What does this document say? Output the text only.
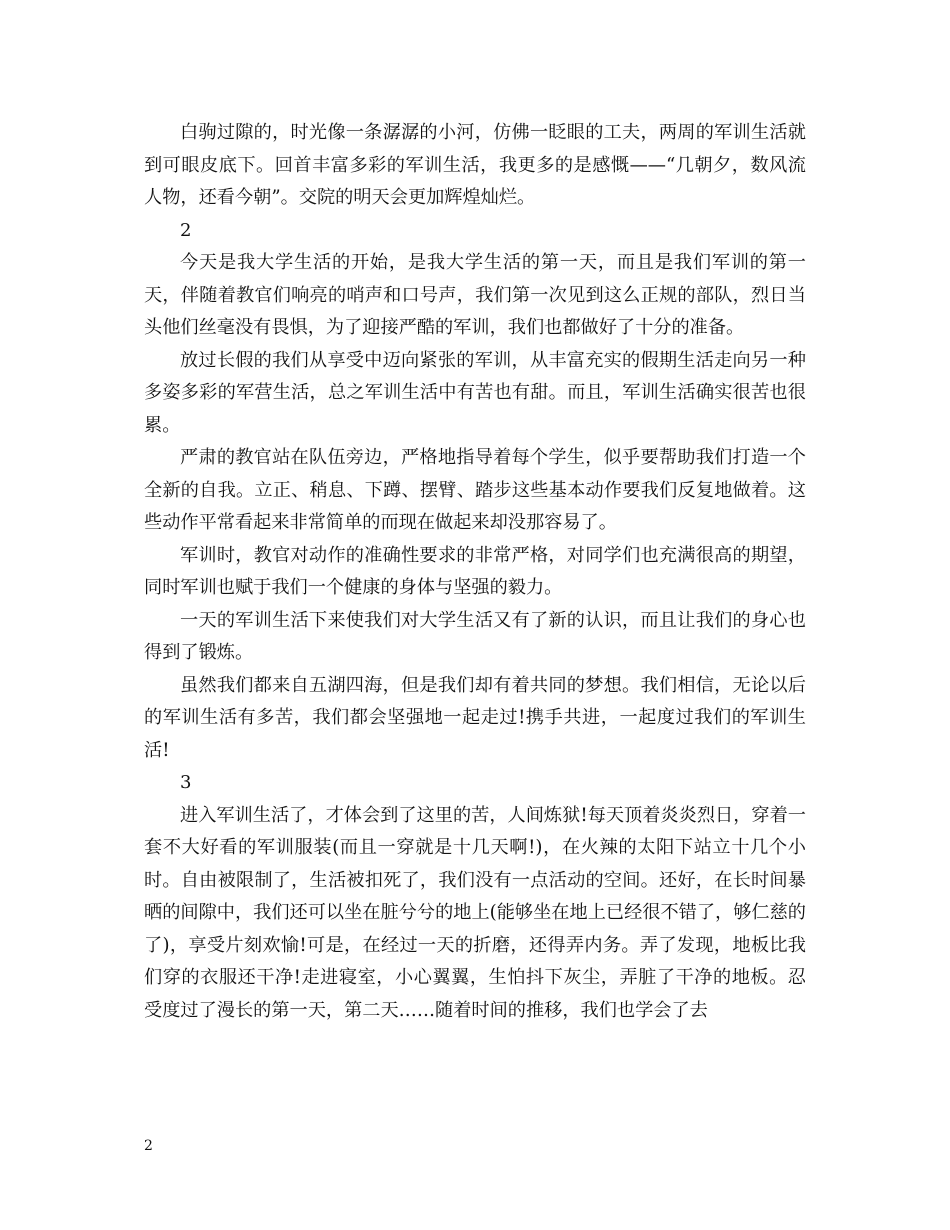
白驹过隙的，时光像一条潺潺的小河，仿佛一眨眼的工夫，两周的军训生活就到可眼皮底下。回首丰富多彩的军训生活，我更多的是感慨——“几朝夕，数风流人物，还看今朝”。交院的明天会更加辉煌灿烂。

2

今天是我大学生活的开始，是我大学生活的第一天，而且是我们军训的第一天，伴随着教官们响亮的哨声和口号声，我们第一次见到这么正规的部队，烈日当头他们丝毫没有畏惧，为了迎接严酷的军训，我们也都做好了十分的准备。

放过长假的我们从享受中迈向紧张的军训，从丰富充实的假期生活走向另一种多姿多彩的军营生活，总之军训生活中有苦也有甜。而且，军训生活确实很苦也很累。

严肃的教官站在队伍旁边，严格地指导着每个学生，似乎要帮助我们打造一个全新的自我。立正、稍息、下蹲、摆臂、踏步这些基本动作要我们反复地做着。这些动作平常看起来非常简单的而现在做起来却没那容易了。

军训时，教官对动作的准确性要求的非常严格，对同学们也充满很高的期望，同时军训也赋于我们一个健康的身体与坚强的毅力。

一天的军训生活下来使我们对大学生活又有了新的认识，而且让我们的身心也得到了锻炼。

虽然我们都来自五湖四海，但是我们却有着共同的梦想。我们相信，无论以后的军训生活有多苦，我们都会坚强地一起走过!携手共进，一起度过我们的军训生活!

3

进入军训生活了，才体会到了这里的苦，人间炼狱!每天顶着炎炎烈日，穿着一套不大好看的军训服装(而且一穿就是十几天啊!)，在火辣的太阳下站立十几个小时。自由被限制了，生活被扣死了，我们没有一点活动的空间。还好，在长时间暴晒的间隙中，我们还可以坐在脏兮兮的地上(能够坐在地上已经很不错了，够仁慈的了)，享受片刻欢愉!可是，在经过一天的折磨，还得弄内务。弄了发现，地板比我们穿的衣服还干净!走进寝室，小心翼翼，生怕抖下灰尘，弄脏了干净的地板。忍受度过了漫长的第一天，第二天……随着时间的推移，我们也学会了去

2
